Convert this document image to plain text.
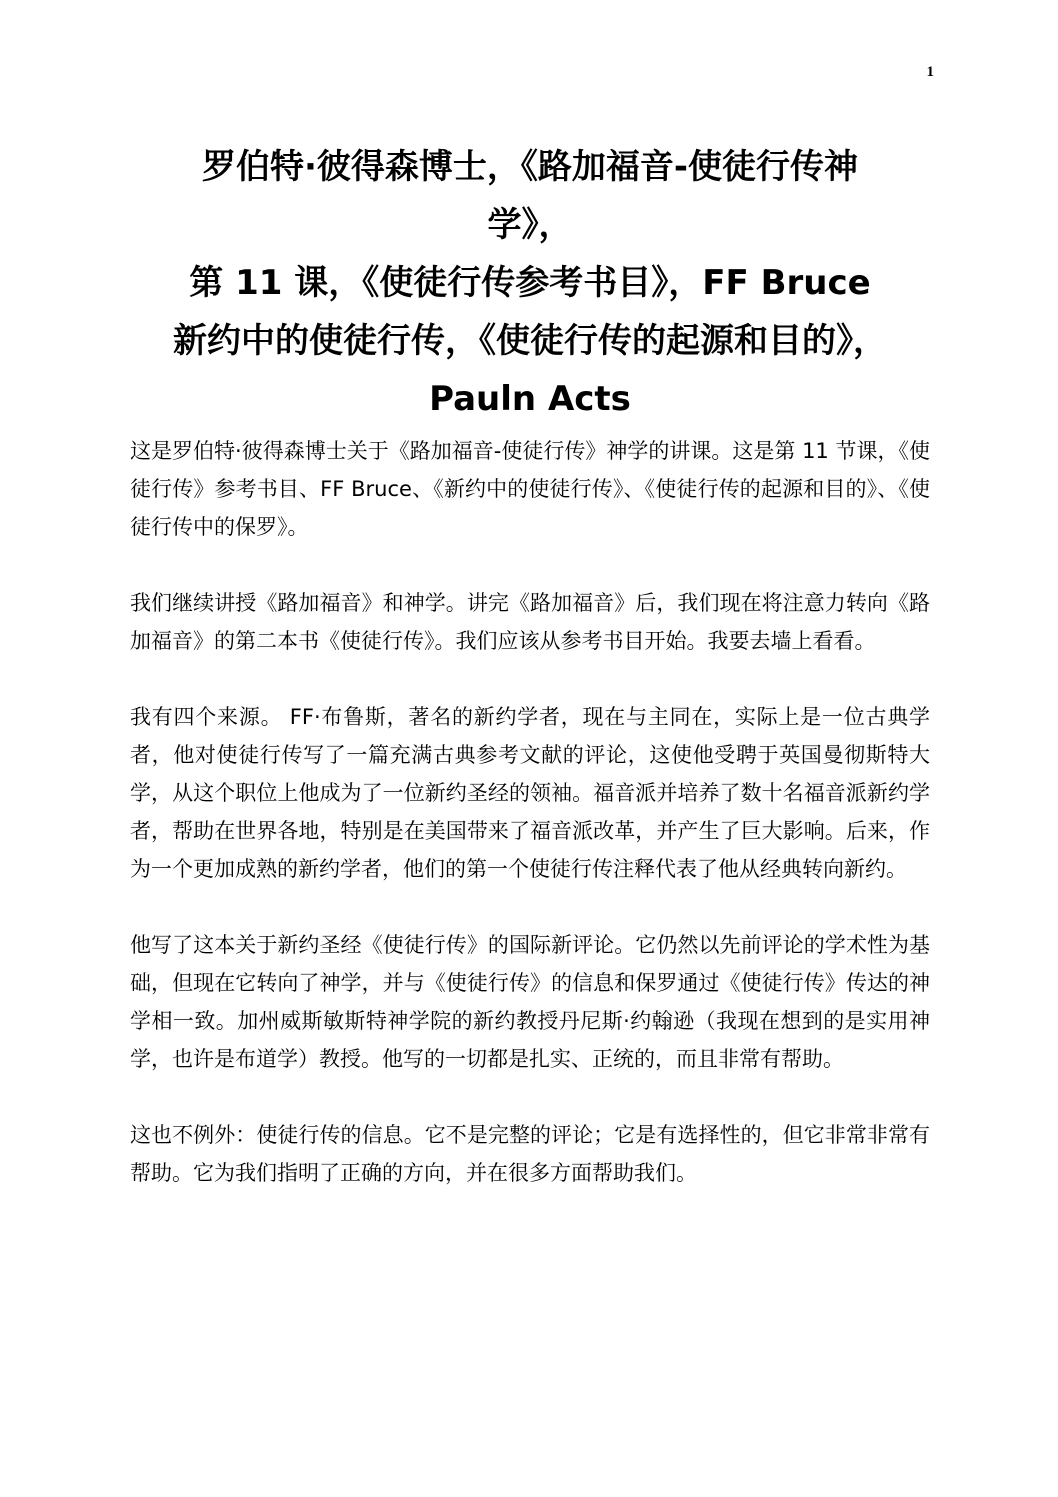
1
罗伯特·彼得森博士，《路加福音-使徒行传神
学》，
第 11 课，《使徒行传参考书目》，FF Bruce
新约中的使徒行传，《使徒行传的起源和目的》，
Pauln Acts

这是罗伯特·彼得森博士关于《路加福音-使徒行传》神学的讲课。这是第 11 节课，《使徒行传》参考书目、FF Bruce、《新约中的使徒行传》、《使徒行传的起源和目的》、《使徒行传中的保罗》。

我们继续讲授《路加福音》和神学。讲完《路加福音》后，我们现在将注意力转向《路加福音》的第二本书《使徒行传》。我们应该从参考书目开始。我要去墙上看看。

我有四个来源。 FF·布鲁斯，著名的新约学者，现在与主同在，实际上是一位古典学者，他对使徒行传写了一篇充满古典参考文献的评论，这使他受聘于英国曼彻斯特大学，从这个职位上他成为了一位新约圣经的领袖。福音派并培养了数十名福音派新约学者，帮助在世界各地，特别是在美国带来了福音派改革，并产生了巨大影响。后来，作为一个更加成熟的新约学者，他们的第一个使徒行传注释代表了他从经典转向新约。

他写了这本关于新约圣经《使徒行传》的国际新评论。它仍然以先前评论的学术性为基础，但现在它转向了神学，并与《使徒行传》的信息和保罗通过《使徒行传》传达的神学相一致。加州威斯敏斯特神学院的新约教授丹尼斯·约翰逊（我现在想到的是实用神学，也许是布道学）教授。他写的一切都是扎实、正统的，而且非常有帮助。

这也不例外：使徒行传的信息。它不是完整的评论；它是有选择性的，但它非常非常有帮助。它为我们指明了正确的方向，并在很多方面帮助我们。
